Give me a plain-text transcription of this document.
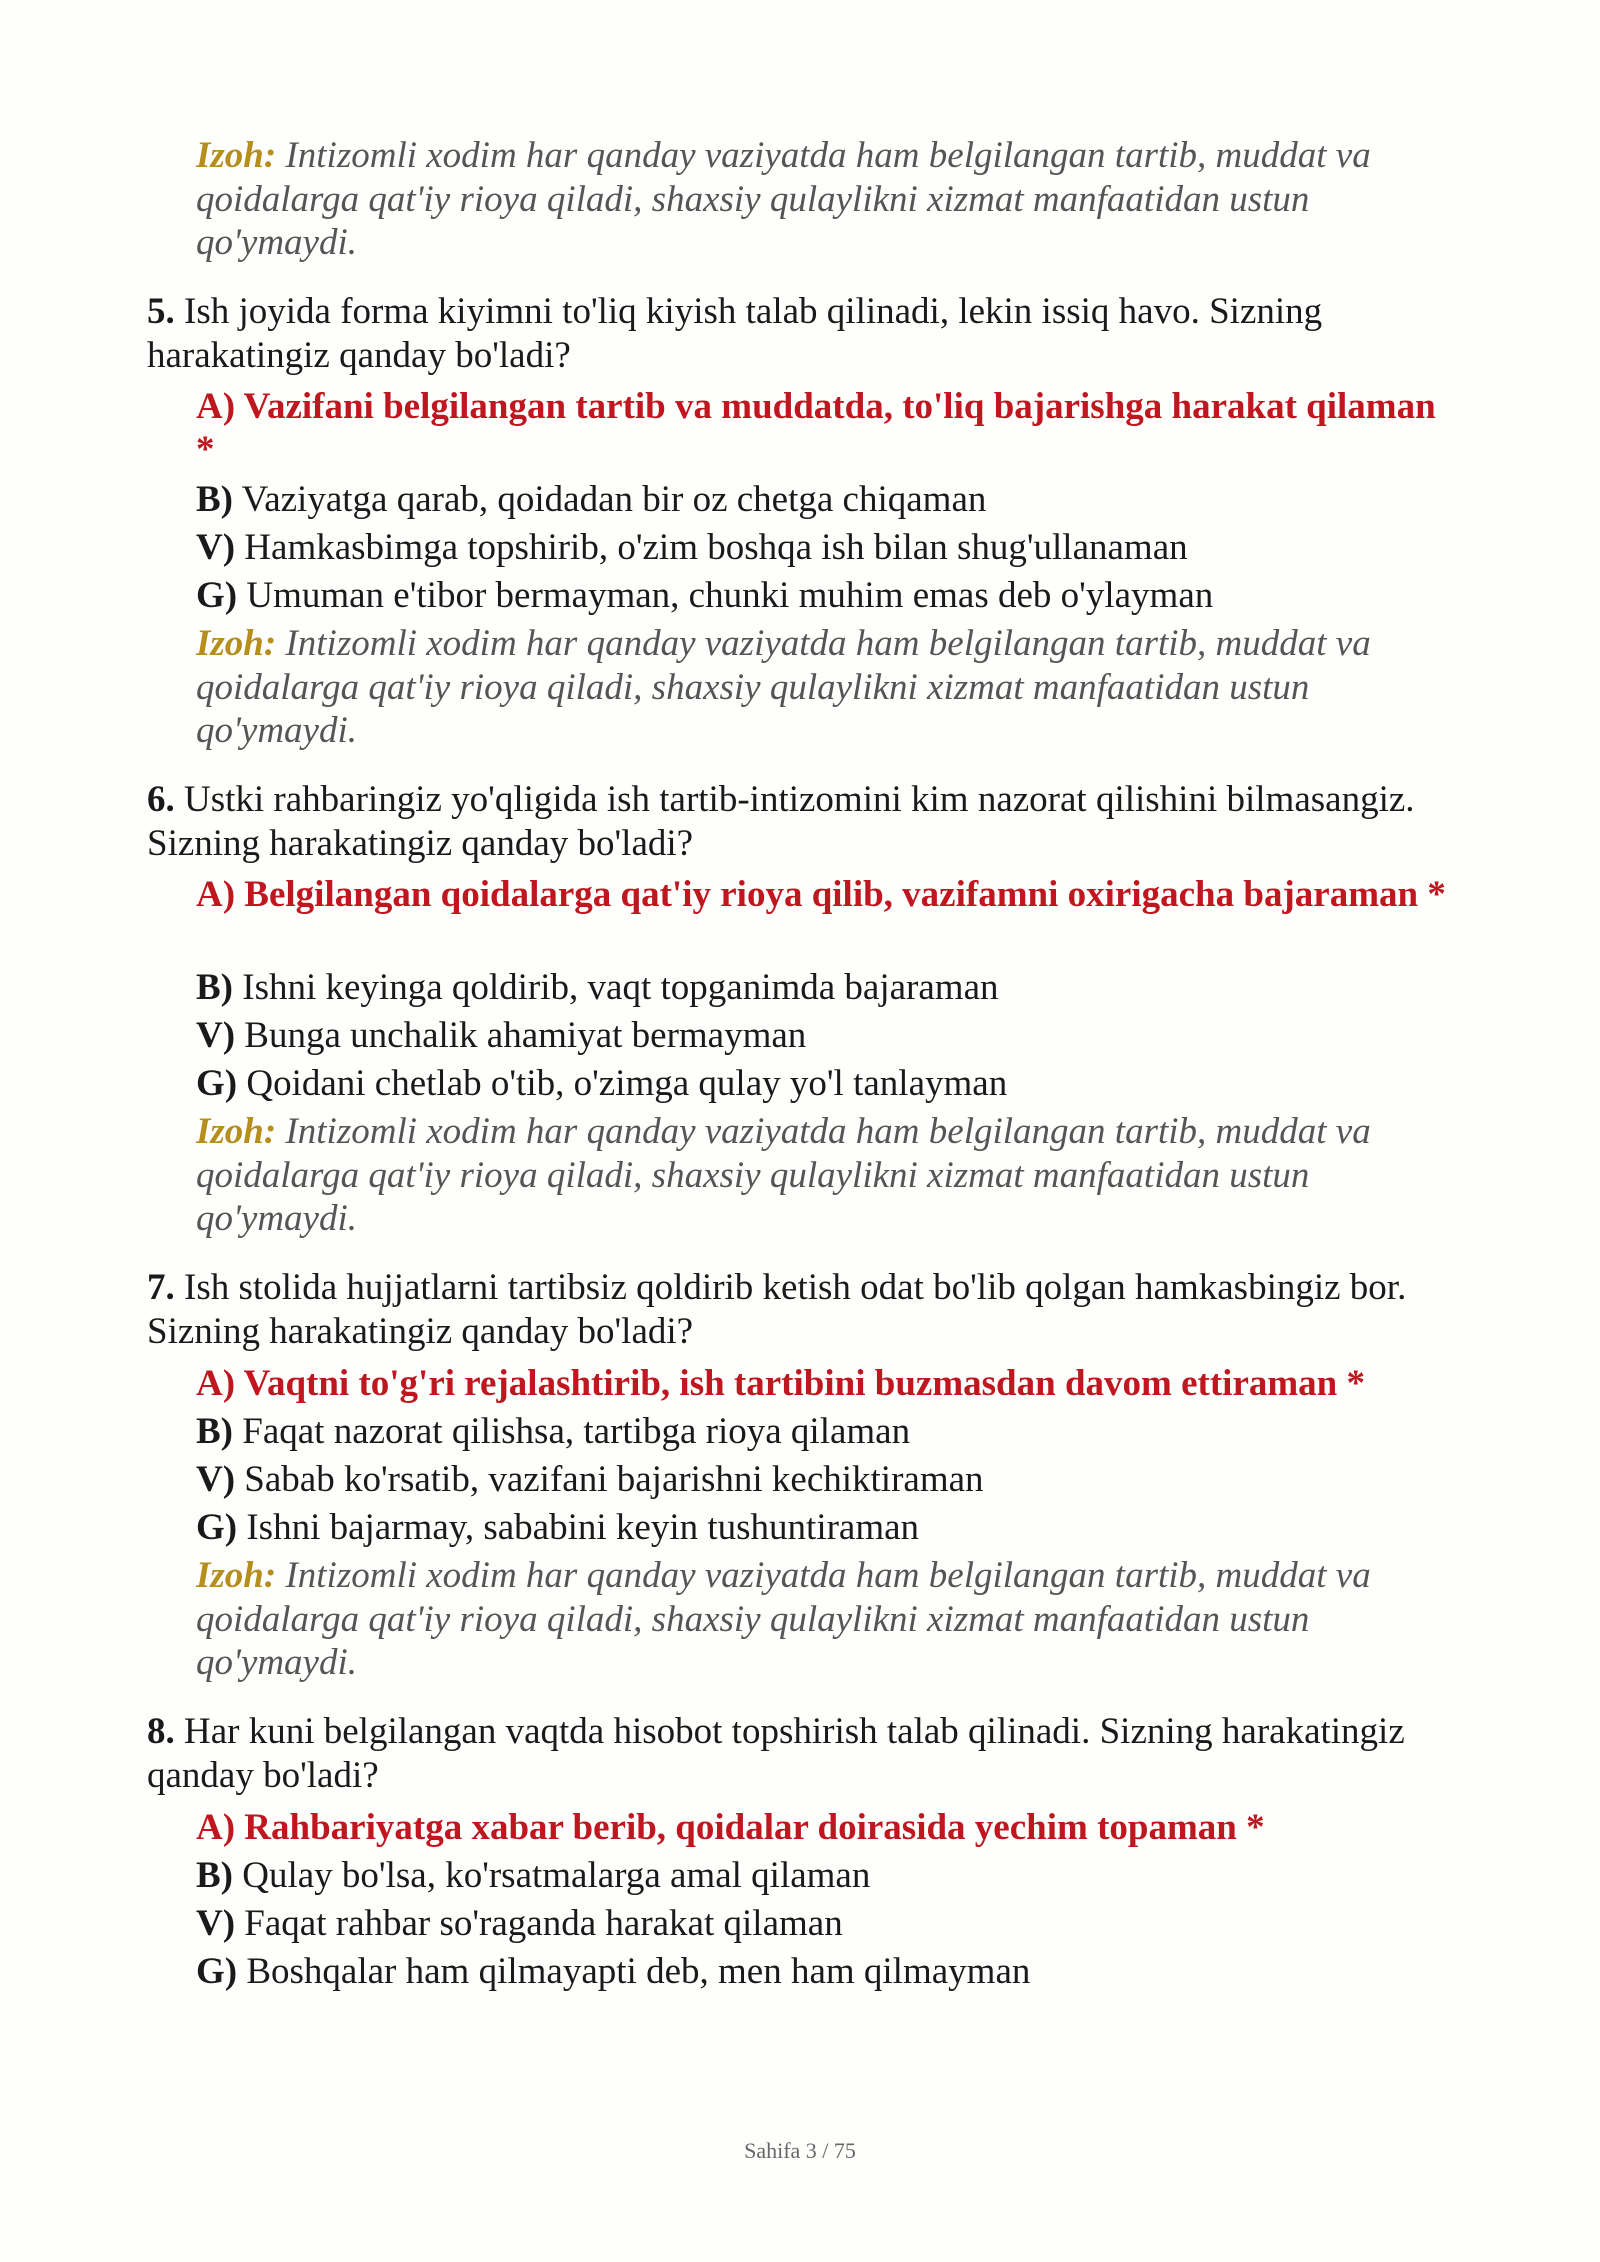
Izoh: Intizomli xodim har qanday vaziyatda ham belgilangan tartib, muddat va qoidalarga qat'iy rioya qiladi, shaxsiy qulaylikni xizmat manfaatidan ustun qo'ymaydi.

5. Ish joyida forma kiyimni to'liq kiyish talab qilinadi, lekin issiq havo. Sizning harakatingiz qanday bo'ladi?

A) Vazifani belgilangan tartib va muddatda, to'liq bajarishga harakat qilaman *

B) Vaziyatga qarab, qoidadan bir oz chetga chiqaman

V) Hamkasbimga topshirib, o'zim boshqa ish bilan shug'ullanaman

G) Umuman e'tibor bermayman, chunki muhim emas deb o'ylayman

Izoh: Intizomli xodim har qanday vaziyatda ham belgilangan tartib, muddat va qoidalarga qat'iy rioya qiladi, shaxsiy qulaylikni xizmat manfaatidan ustun qo'ymaydi.

6. Ustki rahbaringiz yo'qligida ish tartib-intizomini kim nazorat qilishini bilmasangiz. Sizning harakatingiz qanday bo'ladi?

A) Belgilangan qoidalarga qat'iy rioya qilib, vazifamni oxirigacha bajaraman *

B) Ishni keyinga qoldirib, vaqt topganimda bajaraman

V) Bunga unchalik ahamiyat bermayman

G) Qoidani chetlab o'tib, o'zimga qulay yo'l tanlayman

Izoh: Intizomli xodim har qanday vaziyatda ham belgilangan tartib, muddat va qoidalarga qat'iy rioya qiladi, shaxsiy qulaylikni xizmat manfaatidan ustun qo'ymaydi.

7. Ish stolida hujjatlarni tartibsiz qoldirib ketish odat bo'lib qolgan hamkasbingiz bor. Sizning harakatingiz qanday bo'ladi?

A) Vaqtni to'g'ri rejalashtirib, ish tartibini buzmasdan davom ettiraman *

B) Faqat nazorat qilishsa, tartibga rioya qilaman

V) Sabab ko'rsatib, vazifani bajarishni kechiktiraman

G) Ishni bajarmay, sababini keyin tushuntiraman

Izoh: Intizomli xodim har qanday vaziyatda ham belgilangan tartib, muddat va qoidalarga qat'iy rioya qiladi, shaxsiy qulaylikni xizmat manfaatidan ustun qo'ymaydi.

8. Har kuni belgilangan vaqtda hisobot topshirish talab qilinadi. Sizning harakatingiz qanday bo'ladi?

A) Rahbariyatga xabar berib, qoidalar doirasida yechim topaman *

B) Qulay bo'lsa, ko'rsatmalarga amal qilaman

V) Faqat rahbar so'raganda harakat qilaman

G) Boshqalar ham qilmayapti deb, men ham qilmayman

Sahifa 3 / 75
